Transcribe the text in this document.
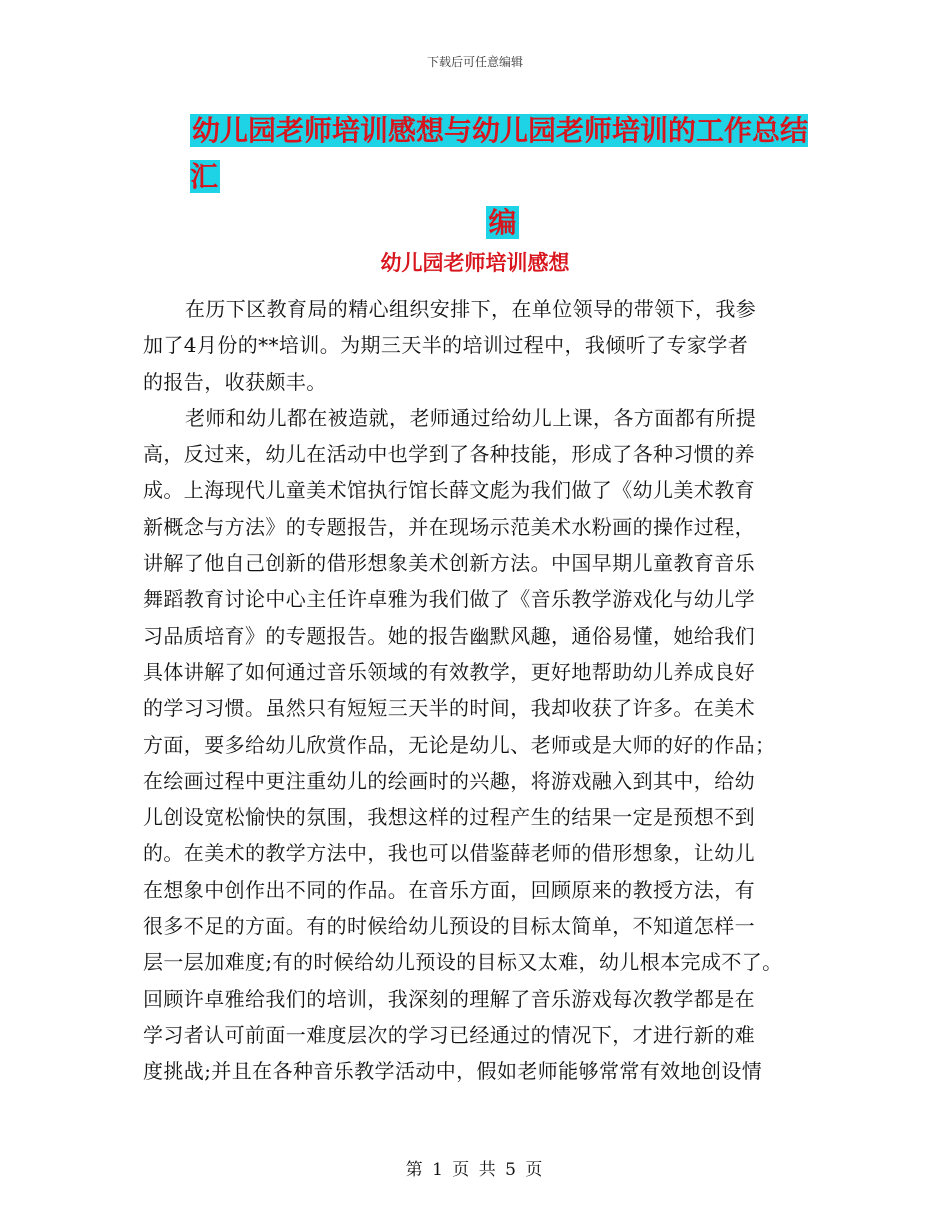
下载后可任意编辑
幼儿园老师培训感想与幼儿园老师培训的工作总结汇
编
幼儿园老师培训感想
在历下区教育局的精心组织安排下，在单位领导的带领下，我参
加了4月份的**培训。为期三天半的培训过程中，我倾听了专家学者
的报告，收获颇丰。
老师和幼儿都在被造就，老师通过给幼儿上课，各方面都有所提
高，反过来，幼儿在活动中也学到了各种技能，形成了各种习惯的养
成。上海现代儿童美术馆执行馆长薛文彪为我们做了《幼儿美术教育
新概念与方法》的专题报告，并在现场示范美术水粉画的操作过程，
讲解了他自己创新的借形想象美术创新方法。中国早期儿童教育音乐
舞蹈教育讨论中心主任许卓雅为我们做了《音乐教学游戏化与幼儿学
习品质培育》的专题报告。她的报告幽默风趣，通俗易懂，她给我们
具体讲解了如何通过音乐领域的有效教学，更好地帮助幼儿养成良好
的学习习惯。虽然只有短短三天半的时间，我却收获了许多。在美术
方面，要多给幼儿欣赏作品，无论是幼儿、老师或是大师的好的作品；
在绘画过程中更注重幼儿的绘画时的兴趣，将游戏融入到其中，给幼
儿创设宽松愉快的氛围，我想这样的过程产生的结果一定是预想不到
的。在美术的教学方法中，我也可以借鉴薛老师的借形想象，让幼儿
在想象中创作出不同的作品。在音乐方面，回顾原来的教授方法，有
很多不足的方面。有的时候给幼儿预设的目标太简单，不知道怎样一
层一层加难度;有的时候给幼儿预设的目标又太难，幼儿根本完成不了。
回顾许卓雅给我们的培训，我深刻的理解了音乐游戏每次教学都是在
学习者认可前面一难度层次的学习已经通过的情况下，才进行新的难
度挑战;并且在各种音乐教学活动中，假如老师能够常常有效地创设情
第 1 页 共 5 页
